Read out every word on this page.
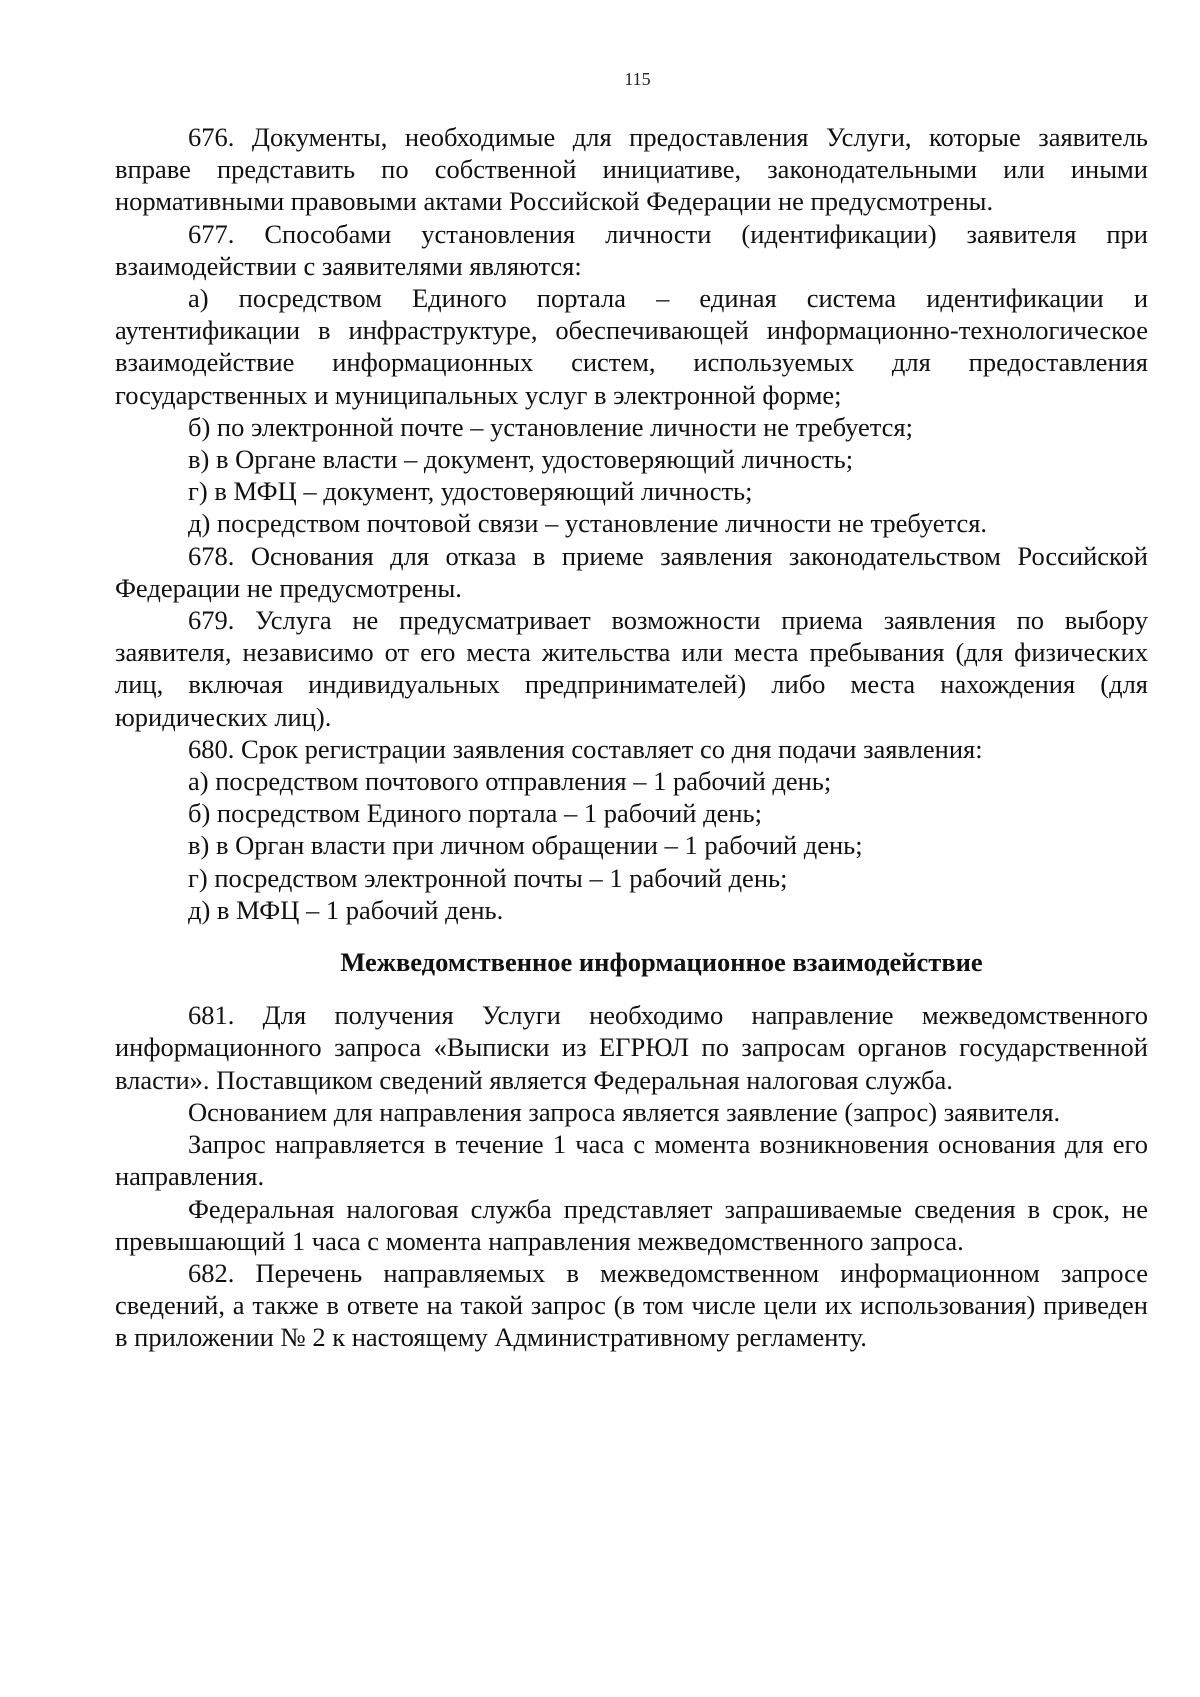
115

676. Документы, необходимые для предоставления Услуги, которые заявитель вправе представить по собственной инициативе, законодательными или иными нормативными правовыми актами Российской Федерации не предусмотрены.

677. Способами установления личности (идентификации) заявителя при взаимодействии с заявителями являются:

а) посредством Единого портала – единая система идентификации и аутентификации в инфраструктуре, обеспечивающей информационно-технологическое взаимодействие информационных систем, используемых для предоставления государственных и муниципальных услуг в электронной форме;

б) по электронной почте – установление личности не требуется;

в) в Органе власти – документ, удостоверяющий личность;

г) в МФЦ – документ, удостоверяющий личность;

д) посредством почтовой связи – установление личности не требуется.

678. Основания для отказа в приеме заявления законодательством Российской Федерации не предусмотрены.

679. Услуга не предусматривает возможности приема заявления по выбору заявителя, независимо от его места жительства или места пребывания (для физических лиц, включая индивидуальных предпринимателей) либо места нахождения (для юридических лиц).

680. Срок регистрации заявления составляет со дня подачи заявления:

а) посредством почтового отправления – 1 рабочий день;

б) посредством Единого портала – 1 рабочий день;

в) в Орган власти при личном обращении – 1 рабочий день;

г) посредством электронной почты – 1 рабочий день;

д) в МФЦ – 1 рабочий день.

Межведомственное информационное взаимодействие

681. Для получения Услуги необходимо направление межведомственного информационного запроса «Выписки из ЕГРЮЛ по запросам органов государственной власти». Поставщиком сведений является Федеральная налоговая служба.

Основанием для направления запроса является заявление (запрос) заявителя.

Запрос направляется в течение 1 часа с момента возникновения основания для его направления.

Федеральная налоговая служба представляет запрашиваемые сведения в срок, не превышающий 1 часа с момента направления межведомственного запроса.

682. Перечень направляемых в межведомственном информационном запросе сведений, а также в ответе на такой запрос (в том числе цели их использования) приведен в приложении № 2 к настоящему Административному регламенту.
